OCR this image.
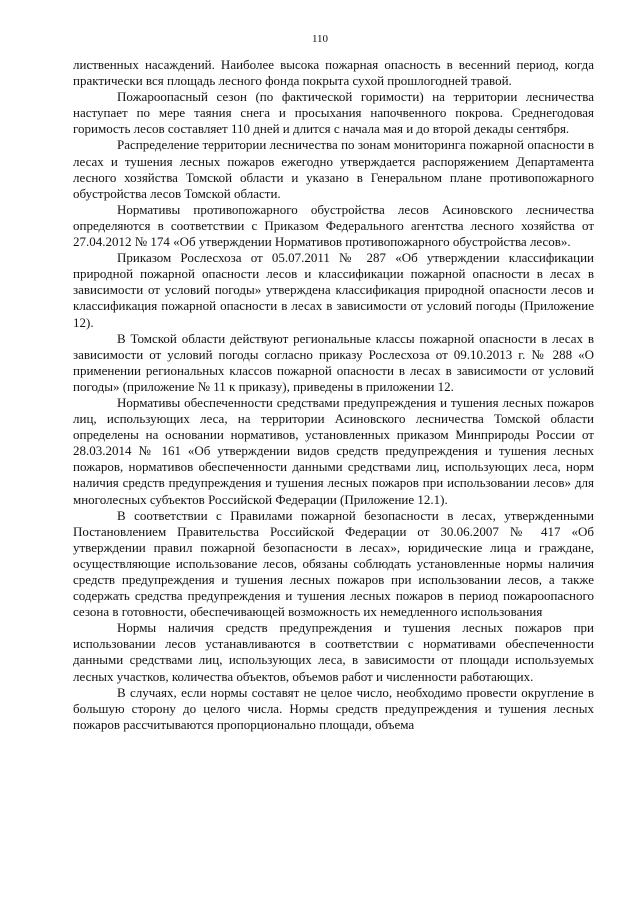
110

лиственных насаждений. Наиболее высока пожарная опасность в весенний период, когда практически вся площадь лесного фонда покрыта сухой прошлогодней травой.

Пожароопасный сезон (по фактической горимости) на территории лесничества наступает по мере таяния снега и просыхания напочвенного покрова. Среднегодовая горимость лесов составляет 110 дней и длится с начала мая и до второй декады сентября.

Распределение территории лесничества по зонам мониторинга пожарной опасности в лесах и тушения лесных пожаров ежегодно утверждается распоряжением Департамента лесного хозяйства Томской области и указано в Генеральном плане противопожарного обустройства лесов Томской области.

Нормативы противопожарного обустройства лесов Асиновского лесничества определяются в соответствии с Приказом Федерального агентства лесного хозяйства от 27.04.2012 № 174 «Об утверждении Нормативов противопожарного обустройства лесов».

Приказом Рослесхоза от 05.07.2011 № 287 «Об утверждении классификации природной пожарной опасности лесов и классификации пожарной опасности в лесах в зависимости от условий погоды» утверждена классификация природной опасности лесов и классификация пожарной опасности в лесах в зависимости от условий погоды (Приложение 12).

В Томской области действуют региональные классы пожарной опасности в лесах в зависимости от условий погоды согласно приказу Рослесхоза от 09.10.2013 г. № 288 «О применении региональных классов пожарной опасности в лесах в зависимости от условий погоды» (приложение № 11 к приказу), приведены в приложении 12.

Нормативы обеспеченности средствами предупреждения и тушения лесных пожаров лиц, использующих леса, на территории Асиновского лесничества Томской области определены на основании нормативов, установленных приказом Минприроды России от 28.03.2014 № 161 «Об утверждении видов средств предупреждения и тушения лесных пожаров, нормативов обеспеченности данными средствами лиц, использующих леса, норм наличия средств предупреждения и тушения лесных пожаров при использовании лесов» для многолесных субъектов Российской Федерации (Приложение 12.1).

В соответствии с Правилами пожарной безопасности в лесах, утвержденными Постановлением Правительства Российской Федерации от 30.06.2007 № 417 «Об утверждении правил пожарной безопасности в лесах», юридические лица и граждане, осуществляющие использование лесов, обязаны соблюдать установленные нормы наличия средств предупреждения и тушения лесных пожаров при использовании лесов, а также содержать средства предупреждения и тушения лесных пожаров в период пожароопасного сезона в готовности, обеспечивающей возможность их немедленного использования

Нормы наличия средств предупреждения и тушения лесных пожаров при использовании лесов устанавливаются в соответствии с нормативами обеспеченности данными средствами лиц, использующих леса, в зависимости от площади используемых лесных участков, количества объектов, объемов работ и численности работающих.

В случаях, если нормы составят не целое число, необходимо провести округление в большую сторону до целого числа. Нормы средств предупреждения и тушения лесных пожаров рассчитываются пропорционально площади, объема
